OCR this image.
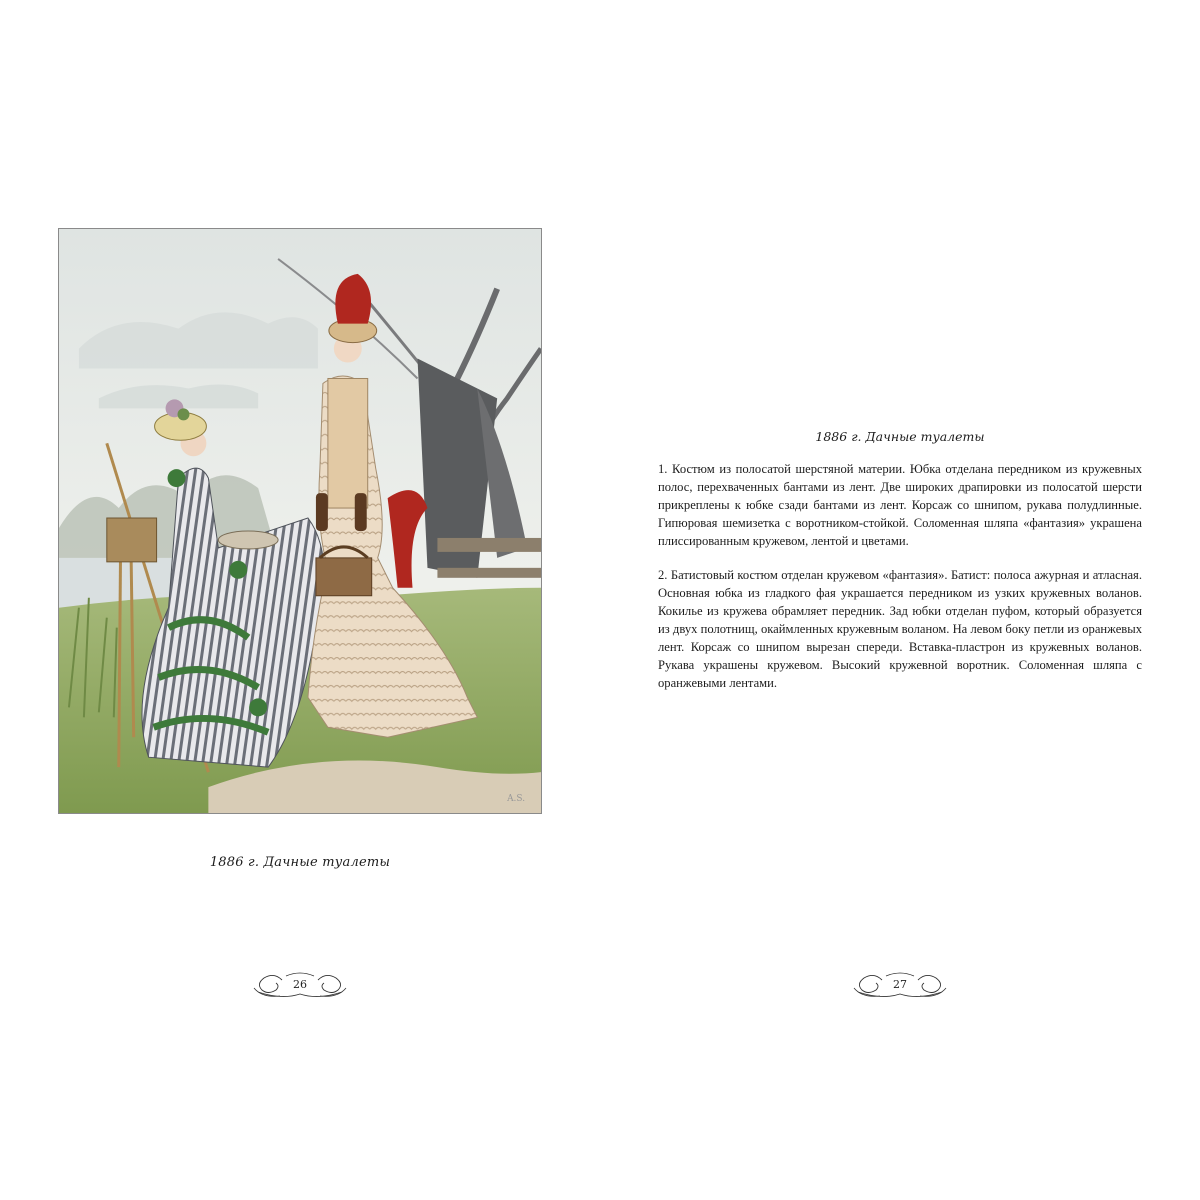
A.S.
1886 г. Дачные туалеты
26
1886 г. Дачные туалеты

1. Костюм из полосатой шерстяной материи. Юбка отделана передником из кружевных полос, перехваченных бантами из лент. Две широких драпировки из полосатой шерсти прикреплены к юбке сзади бантами из лент. Корсаж со шнипом, рукава полудлинные. Гипюровая шемизетка с воротником-стойкой. Соломенная шляпа «фантазия» украшена плиссированным кружевом, лентой и цветами.

2. Батистовый костюм отделан кружевом «фантазия». Батист: полоса ажурная и атласная. Основная юбка из гладкого фая украшается передником из узких кружевных воланов. Кокилье из кружева обрамляет передник. Зад юбки отделан пуфом, который образуется из двух полотнищ, окаймленных кружевным воланом. На левом боку петли из оранжевых лент. Корсаж со шнипом вырезан спереди. Вставка-пластрон из кружевных воланов. Рукава украшены кружевом. Высокий кружевной воротник. Соломенная шляпа с оранжевыми лентами.

27
